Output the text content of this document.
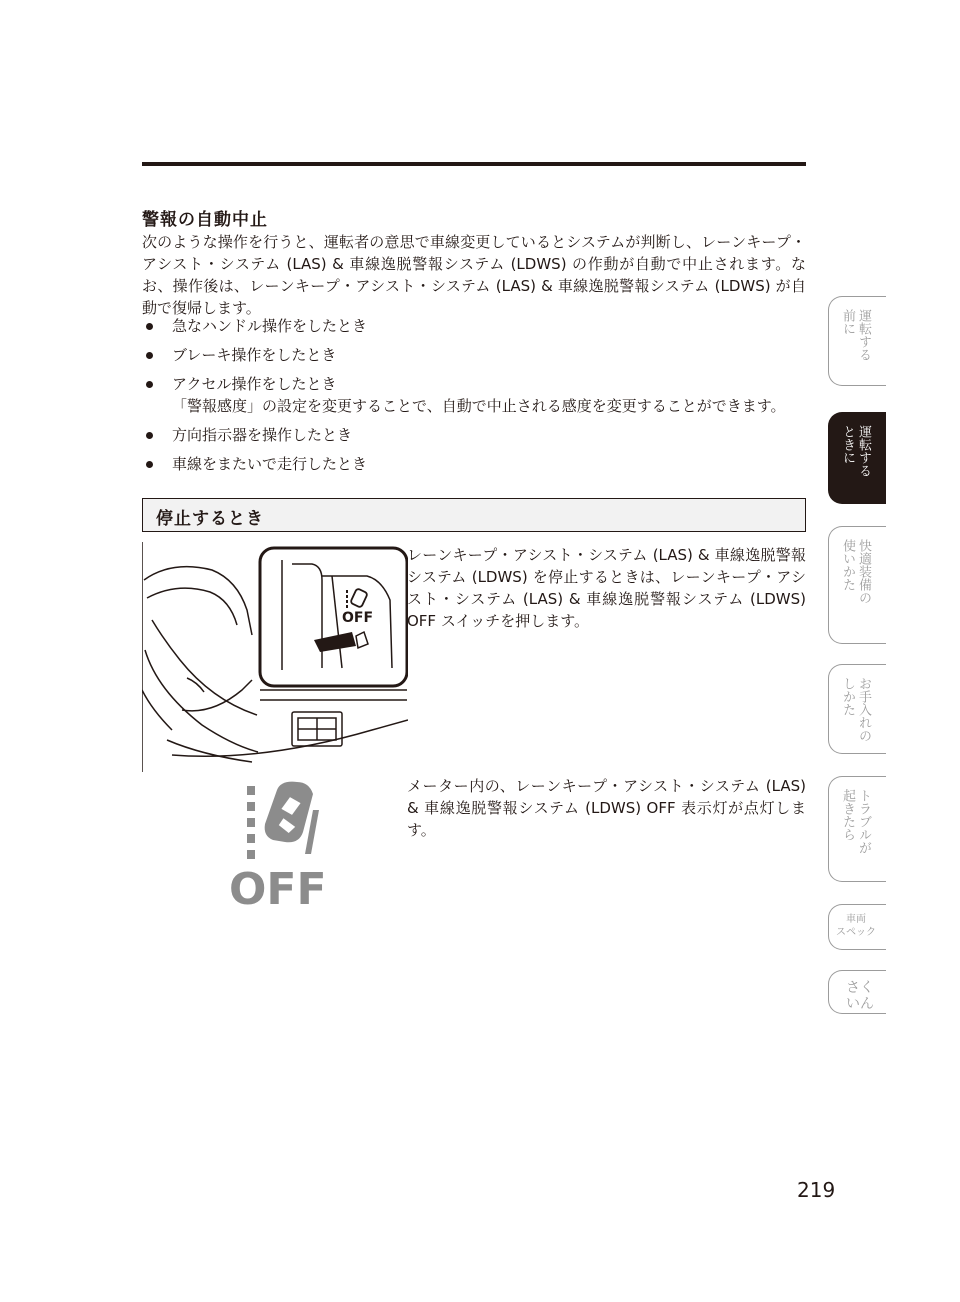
警報の自動中止
次のような操作を行うと、運転者の意思で車線変更しているとシステムが判断し、レーンキープ・アシスト・システム (LAS) & 車線逸脱警報システム (LDWS) の作動が自動で中止されます。なお、操作後は、レーンキープ・アシスト・システム (LAS) & 車線逸脱警報システム (LDWS) が自動で復帰します。
急なハンドル操作をしたとき
ブレーキ操作をしたとき
アクセル操作をしたとき
「警報感度」の設定を変更することで、自動で中止される感度を変更することができます。
方向指示器を操作したとき
車線をまたいで走行したとき
停止するとき
OFF
OFF
レーンキープ・アシスト・システム (LAS) & 車線逸脱警報システム (LDWS) を停止するときは、レーンキープ・アシスト・システム (LAS) & 車線逸脱警報システム (LDWS) OFF スイッチを押します。
メーター内の、レーンキープ・アシスト・システム (LAS) & 車線逸脱警報システム (LDWS) OFF 表示灯が点灯します。
219
運転する
前に
運転する
ときに
快適装備の
使いかた
お手入れの
しかた
トラブルが
起きたら
車両
スペック
さく
いん
